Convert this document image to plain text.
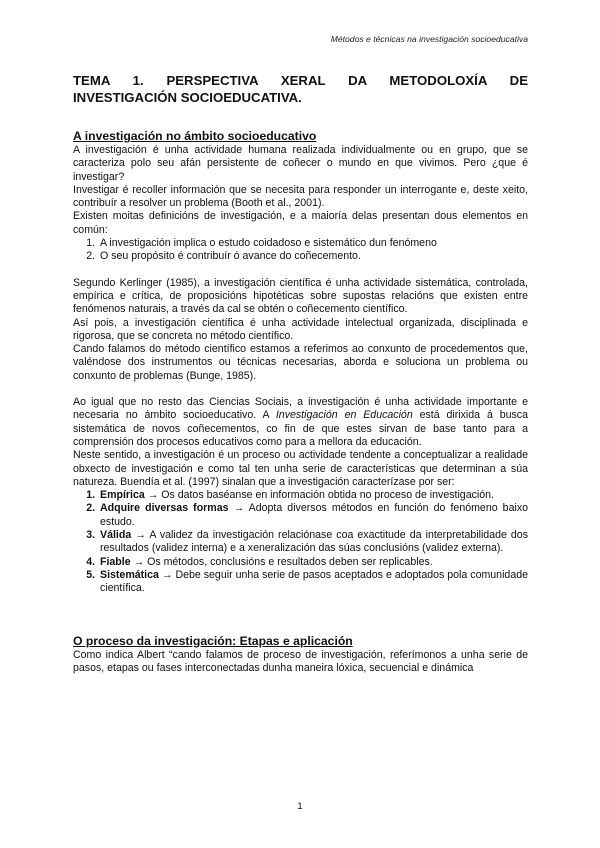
Métodos e técnicas na investigación socioeducativa

TEMA 1. PERSPECTIVA XERAL DA METODOLOXÍA DE

INVESTIGACIÓN SOCIOEDUCATIVA.

A investigación no ámbito socioeducativo

A investigación é unha actividade humana realizada individualmente ou en grupo, que se caracteriza polo seu afán persistente de coñecer o mundo en que vivimos. Pero ¿que é investigar?

Investigar é recoller información que se necesita para responder un interrogante e, deste xeito, contribuír a resolver un problema (Booth et al., 2001).

Existen moitas definicións de investigación, e a maioría delas presentan dous elementos en común:

1. A investigación implica o estudo coidadoso e sistemático dun fenómeno
2. O seu propósito é contribuír ó avance do coñecemento.

Segundo Kerlinger (1985), a investigación científica é unha actividade sistemática, controlada, empírica e crítica, de proposicións hipotéticas sobre supostas relacións que existen entre fenómenos naturais, a través da cal se obtén o coñecemento científico.

Así pois, a investigación científica é unha actividade intelectual organizada, disciplinada e rigorosa, que se concreta no método científico.

Cando falamos do método científico estamos a referimos ao conxunto de procedementos que, valéndose dos instrumentos ou técnicas necesarias, aborda e soluciona un problema ou conxunto de problemas (Bunge, 1985).

Ao igual que no resto das Ciencias Sociais, a investigación é unha actividade importante e necesaria no ámbito socioeducativo. A Investigación en Educación está dirixida á busca sistemática de novos coñecementos, co fin de que estes sirvan de base tanto para a comprensión dos procesos educativos como para a mellora da educación.

Neste sentido, a investigación é un proceso ou actividade tendente a conceptualizar a realidade obxecto de investigación e como tal ten unha serie de características que determinan a súa natureza. Buendía et al. (1997) sinalan que a investigación caracterízase por ser:

1. Empírica → Os datos baséanse en información obtida no proceso de investigación.
2. Adquire diversas formas → Adopta diversos métodos en función do fenómeno baixo estudo.
3. Válida → A validez da investigación relaciónase coa exactitude da interpretabilidade dos resultados (validez interna) e a xeneralización das súas conclusións (validez externa).
4. Fiable → Os métodos, conclusións e resultados deben ser replicables.
5. Sistemática → Debe seguir unha serie de pasos aceptados e adoptados pola comunidade científica.
O proceso da investigación: Etapas e aplicación

Como indica Albert “cando falamos de proceso de investigación, referímonos a unha serie de pasos, etapas ou fases interconectadas dunha maneira lóxica, secuencial e dinámica

1
